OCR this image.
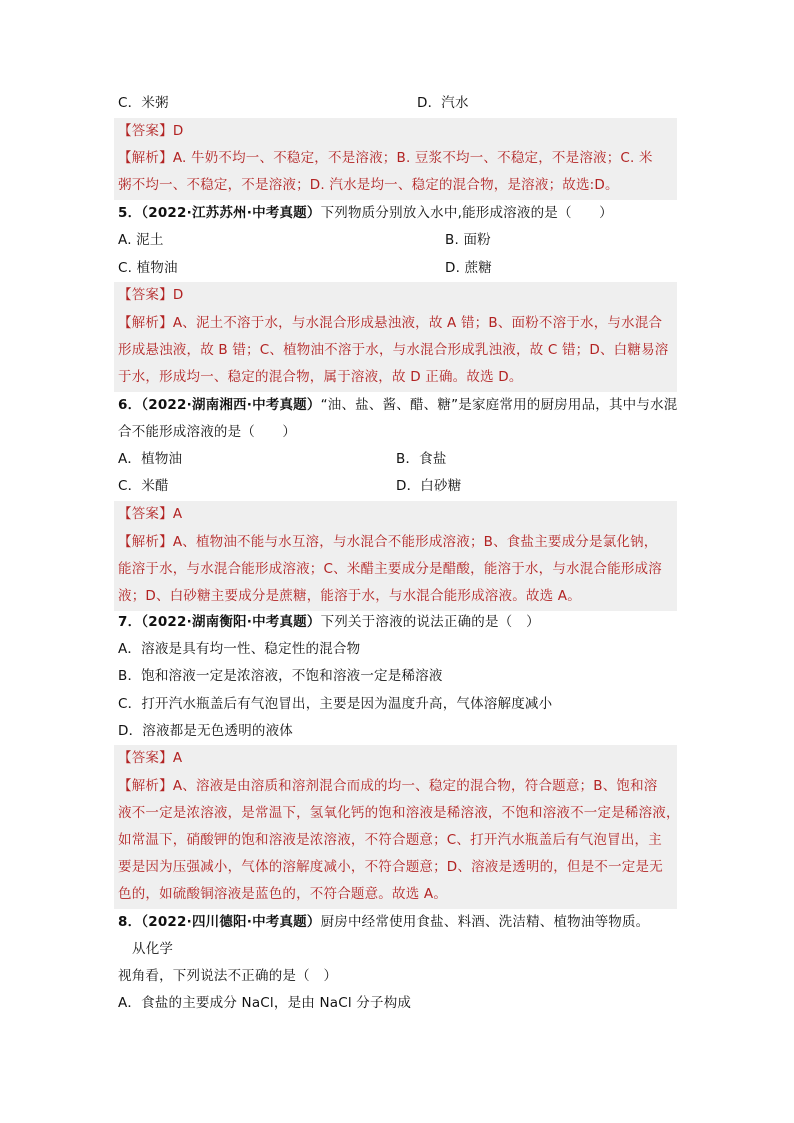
C．米粥	D．汽水
【答案】D
【解析】A. 牛奶不均一、不稳定，不是溶液；B. 豆浆不均一、不稳定，不是溶液；C. 米
粥不均一、不稳定，不是溶液；D. 汽水是均一、稳定的混合物，是溶液；故选:D。
5．（2022·江苏苏州·中考真题）下列物质分别放入水中,能形成溶液的是（　　）
A. 泥土	B. 面粉
C. 植物油	D. 蔗糖
【答案】D
【解析】A、泥土不溶于水，与水混合形成悬浊液，故 A 错；B、面粉不溶于水，与水混合
形成悬浊液，故 B 错；C、植物油不溶于水，与水混合形成乳浊液，故 C 错；D、白糖易溶
于水，形成均一、稳定的混合物，属于溶液，故 D 正确。故选 D。
6．（2022·湖南湘西·中考真题）“油、盐、酱、醋、糖”是家庭常用的厨房用品，其中与水混
合不能形成溶液的是（　　）
A．植物油	B．食盐
C．米醋	D．白砂糖
【答案】A
【解析】A、植物油不能与水互溶，与水混合不能形成溶液；B、食盐主要成分是氯化钠，
能溶于水，与水混合能形成溶液；C、米醋主要成分是醋酸，能溶于水，与水混合能形成溶
液；D、白砂糖主要成分是蔗糖，能溶于水，与水混合能形成溶液。故选 A。
7．（2022·湖南衡阳·中考真题）下列关于溶液的说法正确的是（　）
A．溶液是具有均一性、稳定性的混合物
B．饱和溶液一定是浓溶液，不饱和溶液一定是稀溶液
C．打开汽水瓶盖后有气泡冒出，主要是因为温度升高，气体溶解度减小
D．溶液都是无色透明的液体
【答案】A
【解析】A、溶液是由溶质和溶剂混合而成的均一、稳定的混合物，符合题意；B、饱和溶
液不一定是浓溶液，是常温下，氢氧化钙的饱和溶液是稀溶液，不饱和溶液不一定是稀溶液，
如常温下，硝酸钾的饱和溶液是浓溶液，不符合题意；C、打开汽水瓶盖后有气泡冒出，主
要是因为压强减小，气体的溶解度减小，不符合题意；D、溶液是透明的，但是不一定是无
色的，如硫酸铜溶液是蓝色的，不符合题意。故选 A。
8．（2022·四川德阳·中考真题）厨房中经常使用食盐、料酒、洗洁精、植物油等物质。
从化学
视角看，下列说法不正确的是（　）
A．食盐的主要成分 NaCl，是由 NaCl 分子构成
